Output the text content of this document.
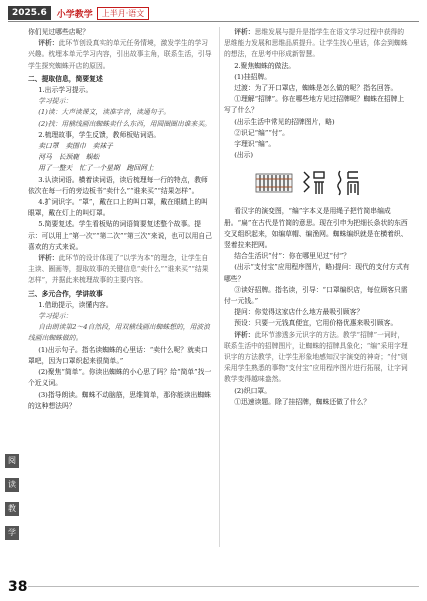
2025.6	小学教学	上半月·语文

你们见过哪些店呢？

评析：此环节创设真实的单元任务情境，激发学生的学习兴趣。枕埋本单元学习内容，引出故事主角，联系生活，引导学生探究蜘蛛开店的原因。

二、提取信息，简要复述

1.出示学习提示。

学习提示：

(1)读：大声读课文，读准字音，读通句子。

(2)找：用横线画出蜘蛛卖什么东西，用圆圈圈出谁来买。

2.梳理故事，学生反馈，教师板贴词语。

卖口罩　卖围巾　卖袜子

河马　长颈鹿　蜈蚣

用了一整天　忙了一个星期　跑回网上

3.认读词语。横着读词语，读后梳理每一行的特点，教师依次在每一行的旁边板书“卖什么”“谁来买”“结果怎样”。

4.扩词识字。“罩”，戴在口上的叫口罩，戴在眼睛上的叫眼罩，戴在灯上的叫灯罩。

5.简要复述。学生看板贴的词语简要复述整个故事。提示：可以用上“第一次”“第二次”“第三次”来说，也可以用自己喜欢的方式来说。

评析：此环节的设计体现了“以学为本”的理念，让学生自主读、圈画等，提取故事的关键信息“卖什么”“谁来买”“结果怎样”，并据此来梳理故事的主要内容。

三、多元合作，学讲故事

1.借助提示，读懂内容。

学习提示：

自由朗读第2～4自然段，用双横线画出蜘蛛想的，用波浪线画出蜘蛛做的。

(1)出示句子。指名读蜘蛛的心里话：“卖什么呢？就卖口罩吧，因为口罩织起来很简单。”

(2)聚焦“简单”。你读出蜘蛛的小心思了吗？给“简单”找一个近义词。

(3)指导朗读。蜘蛛不动脑筋，思维简单，那你能读出蜘蛛的这种想法吗？

评析：思维发展与提升是指学生在语文学习过程中获得的思维能力发展和思维品质提升。让学生找心里话，体会到蜘蛛的想法，在思考中形成新智慧。

2.聚焦蜘蛛的做法。

(1)挂招牌。

过渡：为了开口罩店，蜘蛛是怎么做的呢？指名回答。

①理解“招牌”。你在哪些地方见过招牌呢？蜘蛛在招牌上写了什么？

(出示生活中常见的招牌图片，略)

②识记“编”“付”。

字理识“编”。

(出示)

看汉字的演变图，“编”字本义是用绳子把竹简串编成册。“扁”在古代是竹简的意思。现在引申为把细长条状的东西交叉组织起来，如编草帽、编渔网。蜘蛛编织就是在横着织、竖着拉来把网。

结合生活识“付”：你在哪里见过“付”？

(出示“支付宝”应用程序图片，略)提问：现代的支付方式有哪些？

③读好招牌。指名读，引导：“口罩编织店，每位顾客只需付一元钱。”

提问：你觉得这家店什么地方最吸引顾客？

预设：只要一元钱真便宜，它用价格优惠来吸引顾客。

评析：此环节渗透多元识字的方法。教学“招牌”一词时，联系生活中的招牌图片，让蜘蛛的招牌具象化；“编”采用字理识字的方法教学，让学生形象地感知汉字演变的神奇；“付”则采用学生熟悉的事物“支付宝”应用程序图片进行拓展，让字词教学变得越味盎然。

(2)织口罩。

①迅速读题。除了挂招牌，蜘蛛还做了什么？

阅
读
教
学
38
